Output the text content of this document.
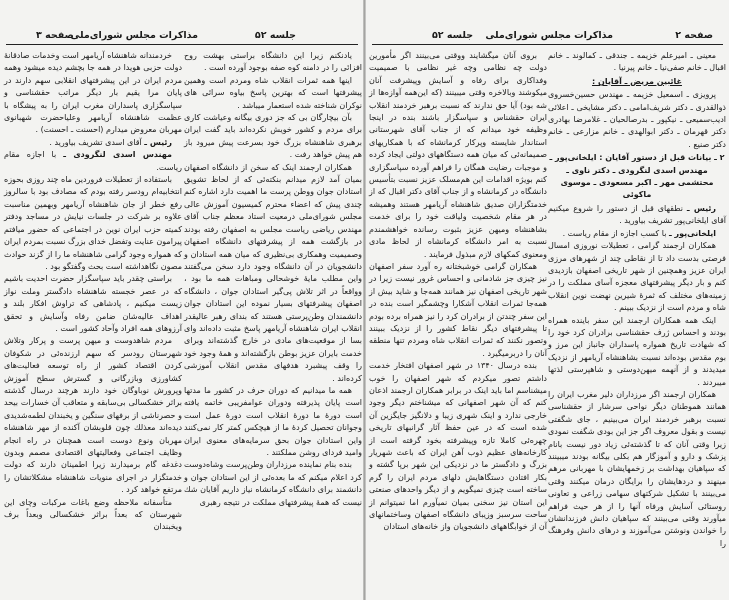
جلسه ۵۲
مذاکرات مجلس شورای‌ملی
صفحه ۳

خردمندانه شاهنشاه آریامهر است وخدمات صادقانهٔ دولت حزبی هویدا در همه جا بچشم دیده میشود وهمه مردم ایران در این پیشرفتهای انقلابی سهم دارند در پایان مرا یقیم بار دیگر مراتب حقشناسی و سپاسگزاری پاسداران مغرب ایران را به پیشگاه با عظمت شاهنشاه آریامهر وعلیاحضرت شهبانوی مهربان معروض میدارم (احسنت ـ احسنت) .

رئیس ـ آقای اسدی تشریف بیاورید .

مهندس اسدی لنگرودی ـ با اجازه مقام ریاست.

باستفاده از تعطیلات فروردین ماه چند روزی بحوزه انتخابیه‌ام رودسر رفته بودم که مصادف بود با سالروز رفع خطر از جان شاهنشاه آریامهر وبهمین مناسبت علاوه بر شرکت در جلسات نیایش در مساجد ودفتر کمیته حزب ایران نوین در اجتماعی که حضور میافتم پیرامون عنایت وتفضل خدای بزرگ نسبت بمردم ایران که همواره وجود گرامی شاهنشاه ما را از گزند حوادث مصون نگاهداشته است بحث وگفتگو بود .

براستی چقدر باید سپاسگزار حضرت احدیت باشیم که در عصر خجسته شاهنشاه دادگستر وملت نواز زیست میکنیم ، پادشاهی که تراوش افکار بلند و اهداف عالیه‌شان ضامن رفاه وآسایش و تحقق آرزوهای همه افراد وآحاد کشور است .

مردم شاهدوست و میهن پرست و پرکار وتلاش شهرستان رودسر که سهم ارزنده‌ئی در شکوفان کردن اقتصاد کشور از راه توسعه فعالیت‌های کشاورزی وبازرگانی و گسترش سطح آموزش وپرورش نوباوگان خود دارند هرچند درسال گذشته براثر خشکسالی بی‌سابقه و متعاقب آن خسارات بیحد و حصرناشی از برفهای سنگین و یخبندان لطمه‌شدیدی دیده‌اند معذلك چون قلوبشان آکنده از مهر شاهنشاه مهربان ونوع دوست است همچنان در راه انجام وظایف اجتماعی وفعالیتهای اقتصادی مصمم وبدون دغدغه گام برمیدارند زیرا اطمینان دارند که دولت خدمتگزار در اجرای منویات شاهنشاه مشکلاتشان را مرتفع خواهد کرد .

متأسفانه ملاحظه وضع باغات مرکبات وچای این شهرستان که بعداً براثر خشکسالی وبعداً برف ویخبندان

یادنکنم زیرا این دانشگاه براستی بهشت روح افزائی را در دامنه کوه صفه بوجود آورده است .

اینها همه ثمرات انقلاب شاه ومردم است وهمین پیشرفتها است که بهترین پاسخ بیاوه سرائی های نوکران شناخته شده استعمار میباشد .

بآن بیچارگان بی که جز دوری بیگانه وعیاشت کاری برای مردم و کشور خویش نکرده‌اند باید گفت ایران برهبری شاهنشاه بزرگ خود بسرعت پیش میرود باز هم پیش خواهد رفت .

همکاران ارجمند اینک که سخن از دانشگاه اصفهان بمیان آمد لازم میدانم بنکته‌ئی که از لحاظ تشویق استادان جوان ووطن پرست ما اهمیت دارد اشاره کنم چندی پیش که اعضاء محترم کمیسیون آموزش عالی مجلس شورای‌ملی درمعیت استاد معظم جناب آقای مهندس ریاضی ریاست مجلس به اصفهان رفته بودند در بازگشت همه از پیشرفتهای دانشگاه اصفهان وصمیمیت وهمکاری بی‌نظیری که میان همه استادان و دانشجویان در آن دانشگاه وجود دارد سخن می‌گفتند واین مطلب مایهٔ خوشحالی ومباهات همه ما بود ، وواقعاً در اثر تلاش پی‌گیر استادان جوان ، دانشگاه اصفهان پیشرفتهای بسیار نموده این استادان جوان دانشمندان وطن‌پرستی هستند که بندای رهبر عالیقدر انقلاب ایران شاهنشاه آریامهر پاسخ مثبت داده‌اند وای بسا از موقعیت‌های مادی در خارج گذشته‌اند وبرای خدمت بایران عزیز بوطن بازگشته‌اند و همهٔ وجود خود را وقف پیشبرد هدفهای مقدس انقلاب آموزشی کرده‌اند .

همه ما میدانیم که دوران حرف در کشور ما مدتها است پایان پذیرفته ودوران عوامفریبی خاتمه یافته است دورهٔ ما دورهٔ انقلاب است دورهٔ عمل است وجوانان تحصیل کردهٔ ما از هیچکس کمتر کار نمی‌کنند واین استادان جوان بحق سرمایه‌های معنوی ایران وامید فردای روشن مملکتند .

بنده بنام نماینده مرزداران وطن‌پرست وشاه‌دوست کرد اعلام میکنم که ما بعده‌ئی از این استادان جوان و دانشمند برای دانشگاه کرمانشاه نیاز داریم آقایان شك نیست که همهٔ پیشرفتهای مملکت در نتیجه رهبری

صفحه ۲
مذاکرات مجلس شورای‌ملی
جلسه ۵۲

بروی آنان میگشایند ووقتی می‌بینند اگر مأمورین دولت چه نظامی وچه غیر نظامی با صمیمیت وفداکاری برای رفاه و آسایش وپیشرفت آنان میکوشند وبالاخره وقتی میبینند (که این‌همه آوازه‌ها از شه بود) آیا حق ندارند که نسبت برهبر خردمند انقلاب ایران حقشناس و سپاسگزار باشند بنده در اینجا وظیفه خود میدانم که از جناب آقای شهرستانی استاندار شایسته وپرکار کرمانشاه که با همکاریهای صمیمانه‌ئی که میان همه دستگاههای دولتی ایجاد کرده و موجبات رضایت همگان را فراهم آورده سپاسگزاری کنم بویژه اقدامات این هم‌مسلک عزیز نسبت بتأسیس دانشگاه در کرمانشاه و از جناب آقای دکتر اقبال که از خدمتگزاران صدیق شاهنشاه آریامهر هستند وهمیشه در هر مقام شخصیت ولیاقت خود را برای خدمت بشاهنشاه ومیهن عزیز بثبوت رسانده خواهشمندم نسبت به امر دانشگاه کرمانشاه از لحاظ مادی ومعنوی کمکهای لازم مبذول فرمایند .

همکاران گرامی خوشبختانه ره آورد سفر اصفهان نیز چیزی جز شادمانی و احساس غرور نیست زیرا در شهر تاریخی اصفهان نیز همانند همه‌جا و شاید بیش از همه‌جا ثمرات انقلاب آشکارا وچشمگیر است بنده در این سفر چندتن از برادران کرد را نیز همراه برده بودم تا پیشرفتهای دیگر نقاط کشور را از نزدیک ببینند وتصور نکنند که ثمرات انقلاب شاه ومردم تنها منطقه آنان را دربرمیگیرد .

بنده درسال ۱۳۴۰ در شهر اصفهان افتخار خدمت داشتم تصور میکردم که شهر اصفهان را خوب میشناسم اما باید اینک در برابر همکاران ارجمند اذعان کنم که آن شهر اصفهانی که میشناختم دیگر وجود خارجی ندارد و اینک شهری زیبا و دلانگیز جایگزین آن شده است که در عین حفظ آثار گرانبهای تاریخی چهره‌ئی کاملا تازه وپیشرفته بخود گرفته است از کارخانه‌های عظیم ذوب آهن ایران که باعث شهریار بزرگ و دادگستر ما در نزدیکی این شهر برپا گشته و بکار افتادن دستگاهایش دلهای مردم ایران را گرم ساخته است چیزی نمیگویم و از دیگر واحدهای صنعتی این استان نیز سخنی بمیان نمیآورم اما نمیتوانم از ساحت سرسبز وزیبای دانشگاه اصفهان وساختمانهای آن از خوابگاههای دانشجویان واز خانه‌های استادان

معینی ـ امیرعلم خزیمه ـ جندقی ـ کمالوند ـ خانم اقبال ـ خانم صفی‌نیا ـ خانم پیرنیا .

غائبین مریض ـ آقایان :

پرویزی ـ اسمعیل خزیمه ـ مهندس حسین‌خسروی ذوالقدری ـ دکتر شریف‌امامی ـ دکتر مشایخی ـ اعلائی ادیب‌سمیعی ـ نیکپور ـ بدرصالحیان ـ غلامرضا بهادری دکتر قهرمان ـ دکتر ابوالهدی ـ خانم مزارعی ـ خانم دکتر صنیع .

۲ ـ بیانات قبل از دستور آقایان : ایلخانی‌پور ـ مهندس اسدی لنگرودی ـ دکتر ناوی ـ محتشمی مهر ـ اکبر مسعودی ـ موسوی ماکوئی

رئیس ـ نطقهای قبل از دستور را شروع میکنیم آقای ایلخانی‌پور تشریف بیاورید .

ایلخانی‌پور ـ با کسب اجازه از مقام ریاست .

همکاران ارجمند گرامی ، تعطیلات نوروزی امسال فرصتی بدست داد تا از نقاطی چند از شهرهای مرزی ایران عزیز وهمچنین از شهر تاریخی اصفهان بازدیدی کنم و بار دیگر پیشرفتهای معجزه آسای مملکت را در زمینه‌های مختلف که ثمرهٔ شیرین نهضت نوین انقلاب شاه و مردم است از نزدیک ببینم .

اینک همه همکاران ارجمند این سفر باینده همراه بودند و احساس ژرف حقشناسی برادران کرد خود را که شهادت تاریخ همواره پاسداران جانباز این مرز و بوم مقدس بوده‌اند نسبت بشاهنشاه آریامهر از نزدیک میدیدند و از آنهمه میهن‌دوستی و شاهپرستی لذتها میبردند .

همکاران ارجمند اگر مرزداران دلیر مغرب ایران را همانند هموطنان دیگر نواحی سرشار از حقشناسی نسبت برهبر خردمند ایران می‌بینیم ، جای شگفتی نیست و بقول معروف اگر جز این بودی شگفت نمودی زیرا وقتی آنان که تا گذشته‌ئی زیاد دور نیست بانام پزشک و دارو و آموزگار هم بکلی بیگانه بودند میبینند که سپاهیان بهداشت بر زخمهایشان با مهربانی مرهم مینهند و دردهایشان را برایگان درمان میکنند وقتی می‌بینند با تشکیل شرکتهای سهامی زراعی و تعاونی روستائی آسایش ورفاه آنها را از هر حیث فراهم میآورند وقتی می‌بینند که سپاهیان دانش فرزندانشان را خواندن ونوشتن می‌آموزند و درهای دانش وفرهنگ را
